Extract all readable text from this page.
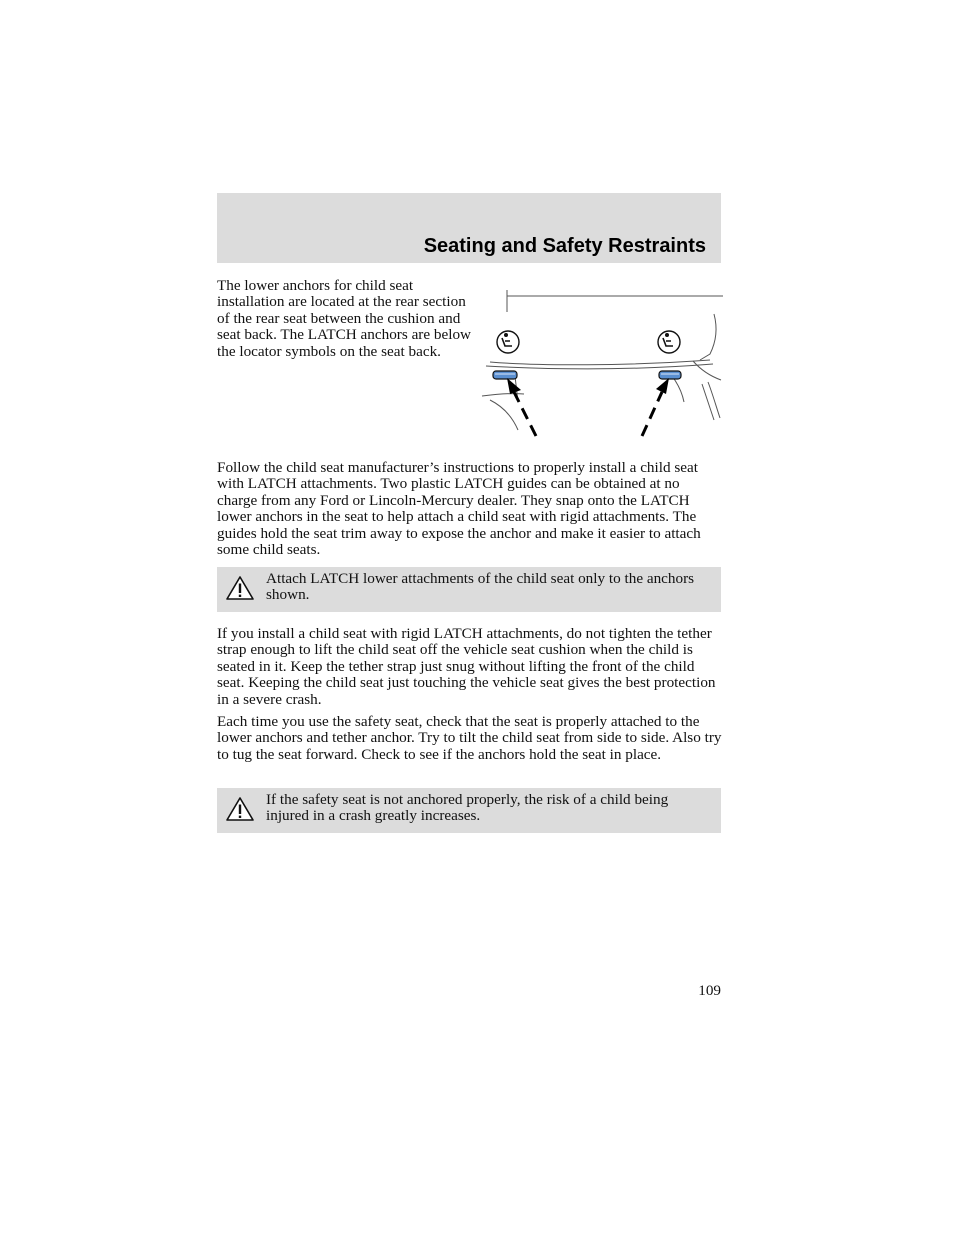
Seating and Safety Restraints

The lower anchors for child seat installation are located at the rear section of the rear seat between the cushion and seat back. The LATCH anchors are below the locator symbols on the seat back.

Follow the child seat manufacturer’s instructions to properly install a child seat with LATCH attachments. Two plastic LATCH guides can be obtained at no charge from any Ford or Lincoln-Mercury dealer. They snap onto the LATCH lower anchors in the seat to help attach a child seat with rigid attachments. The guides hold the seat trim away to expose the anchor and make it easier to attach some child seats.

Attach LATCH lower attachments of the child seat only to the anchors shown.

If you install a child seat with rigid LATCH attachments, do not tighten the tether strap enough to lift the child seat off the vehicle seat cushion when the child is seated in it. Keep the tether strap just snug without lifting the front of the child seat. Keeping the child seat just touching the vehicle seat gives the best protection in a severe crash.

Each time you use the safety seat, check that the seat is properly attached to the lower anchors and tether anchor. Try to tilt the child seat from side to side. Also try to tug the seat forward. Check to see if the anchors hold the seat in place.

If the safety seat is not anchored properly, the risk of a child being injured in a crash greatly increases.

109
